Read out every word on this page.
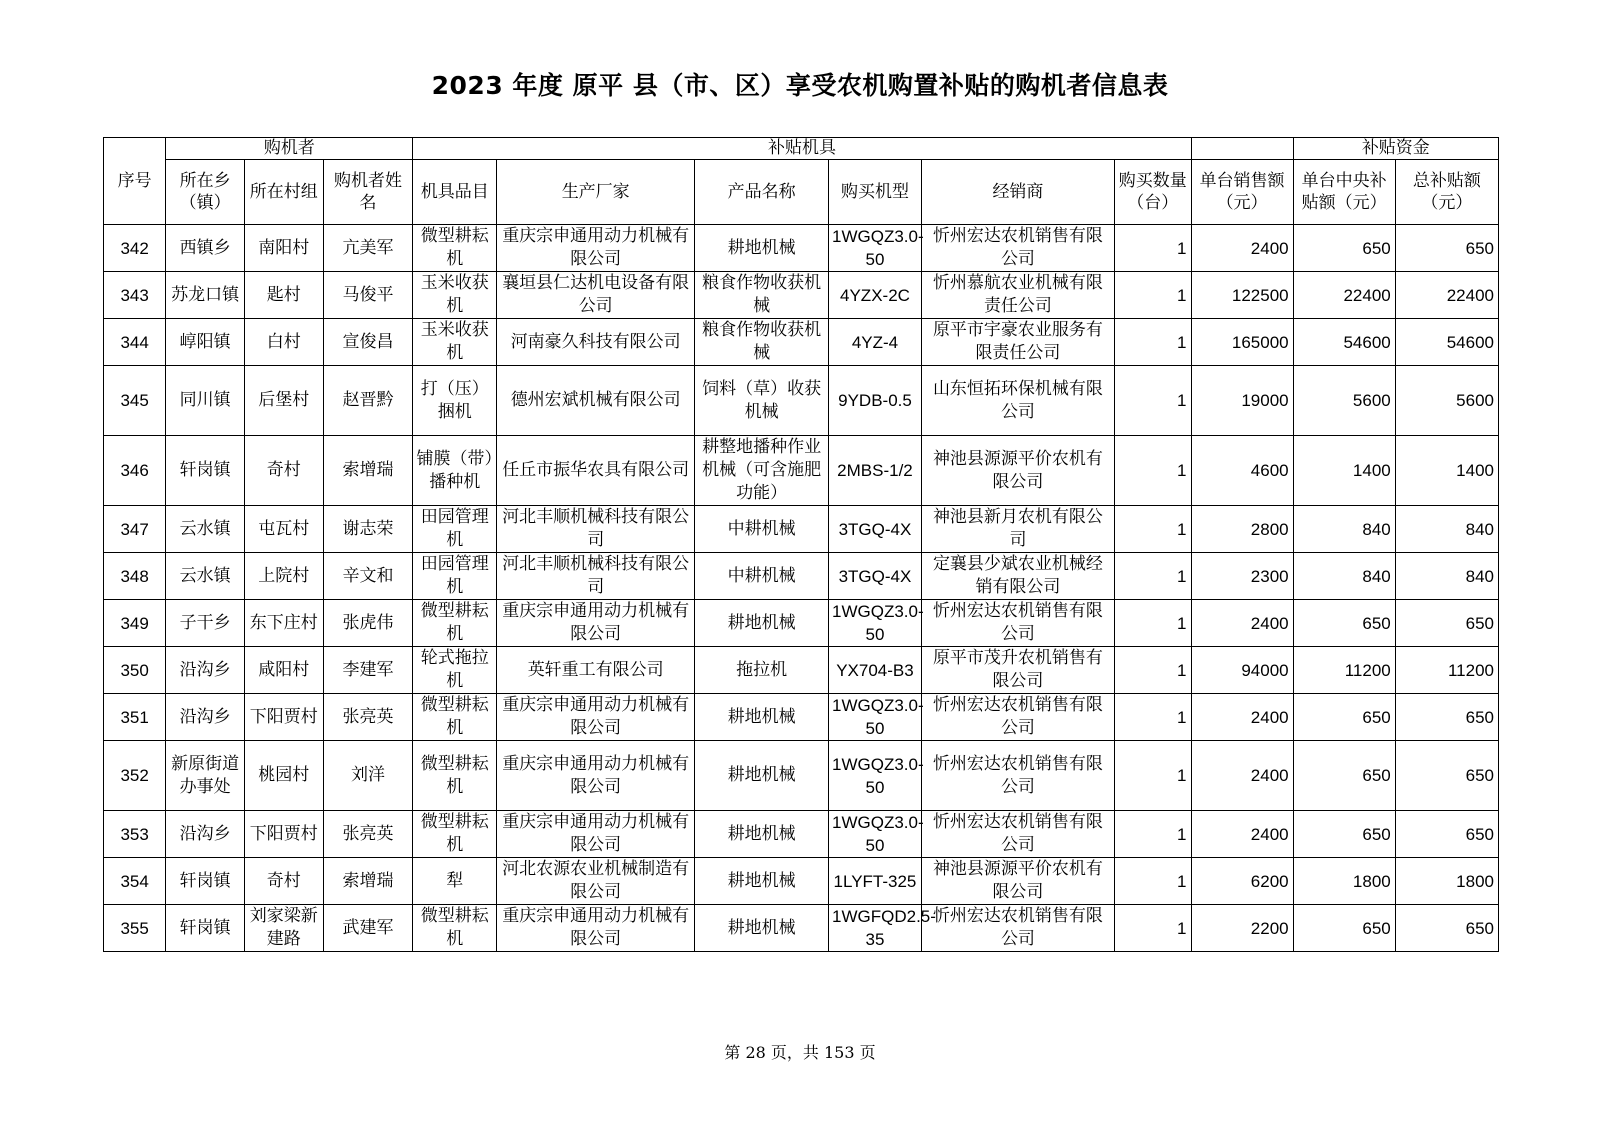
2023 年度 原平 县（市、区）享受农机购置补贴的购机者信息表
序号	购机者			补贴机具							补贴资金	
	所在乡（镇）	所在村组	购机者姓名	机具品目	生产厂家	产品名称	购买机型	经销商	购买数量（台）	单台销售额（元）	单台中央补贴额（元）	总补贴额（元）
342	西镇乡	南阳村	亢美军	微型耕耘机	重庆宗申通用动力机械有限公司	耕地机械	1WGQZ3.0-50	忻州宏达农机销售有限公司	1	2400	650	650
343	苏龙口镇	匙村	马俊平	玉米收获机	襄垣县仁达机电设备有限公司	粮食作物收获机械	4YZX-2C	忻州慕航农业机械有限责任公司	1	122500	22400	22400
344	崞阳镇	白村	宣俊昌	玉米收获机	河南豪久科技有限公司	粮食作物收获机械	4YZ-4	原平市宇豪农业服务有限责任公司	1	165000	54600	54600
345	同川镇	后堡村	赵晋黔	打（压）捆机	德州宏斌机械有限公司	饲料（草）收获机械	9YDB-0.5	山东恒拓环保机械有限公司	1	19000	5600	5600
346	轩岗镇	奇村	索增瑞	铺膜（带）播种机	任丘市振华农具有限公司	耕整地播种作业机械（可含施肥功能）	2MBS-1/2	神池县源源平价农机有限公司	1	4600	1400	1400
347	云水镇	屯瓦村	谢志荣	田园管理机	河北丰顺机械科技有限公司	中耕机械	3TGQ-4X	神池县新月农机有限公司	1	2800	840	840
348	云水镇	上院村	辛文和	田园管理机	河北丰顺机械科技有限公司	中耕机械	3TGQ-4X	定襄县少斌农业机械经销有限公司	1	2300	840	840
349	子干乡	东下庄村	张虎伟	微型耕耘机	重庆宗申通用动力机械有限公司	耕地机械	1WGQZ3.0-50	忻州宏达农机销售有限公司	1	2400	650	650
350	沿沟乡	咸阳村	李建军	轮式拖拉机	英轩重工有限公司	拖拉机	YX704-B3	原平市茂升农机销售有限公司	1	94000	11200	11200
351	沿沟乡	下阳贾村	张亮英	微型耕耘机	重庆宗申通用动力机械有限公司	耕地机械	1WGQZ3.0-50	忻州宏达农机销售有限公司	1	2400	650	650
352	新原街道办事处	桃园村	刘洋	微型耕耘机	重庆宗申通用动力机械有限公司	耕地机械	1WGQZ3.0-50	忻州宏达农机销售有限公司	1	2400	650	650
353	沿沟乡	下阳贾村	张亮英	微型耕耘机	重庆宗申通用动力机械有限公司	耕地机械	1WGQZ3.0-50	忻州宏达农机销售有限公司	1	2400	650	650
354	轩岗镇	奇村	索增瑞	犁	河北农源农业机械制造有限公司	耕地机械	1LYFT-325	神池县源源平价农机有限公司	1	6200	1800	1800
355	轩岗镇	刘家梁新建路	武建军	微型耕耘机	重庆宗申通用动力机械有限公司	耕地机械	1WGFQD2.5-35	忻州宏达农机销售有限公司	1	2200	650	650
第 28 页，共 153 页
